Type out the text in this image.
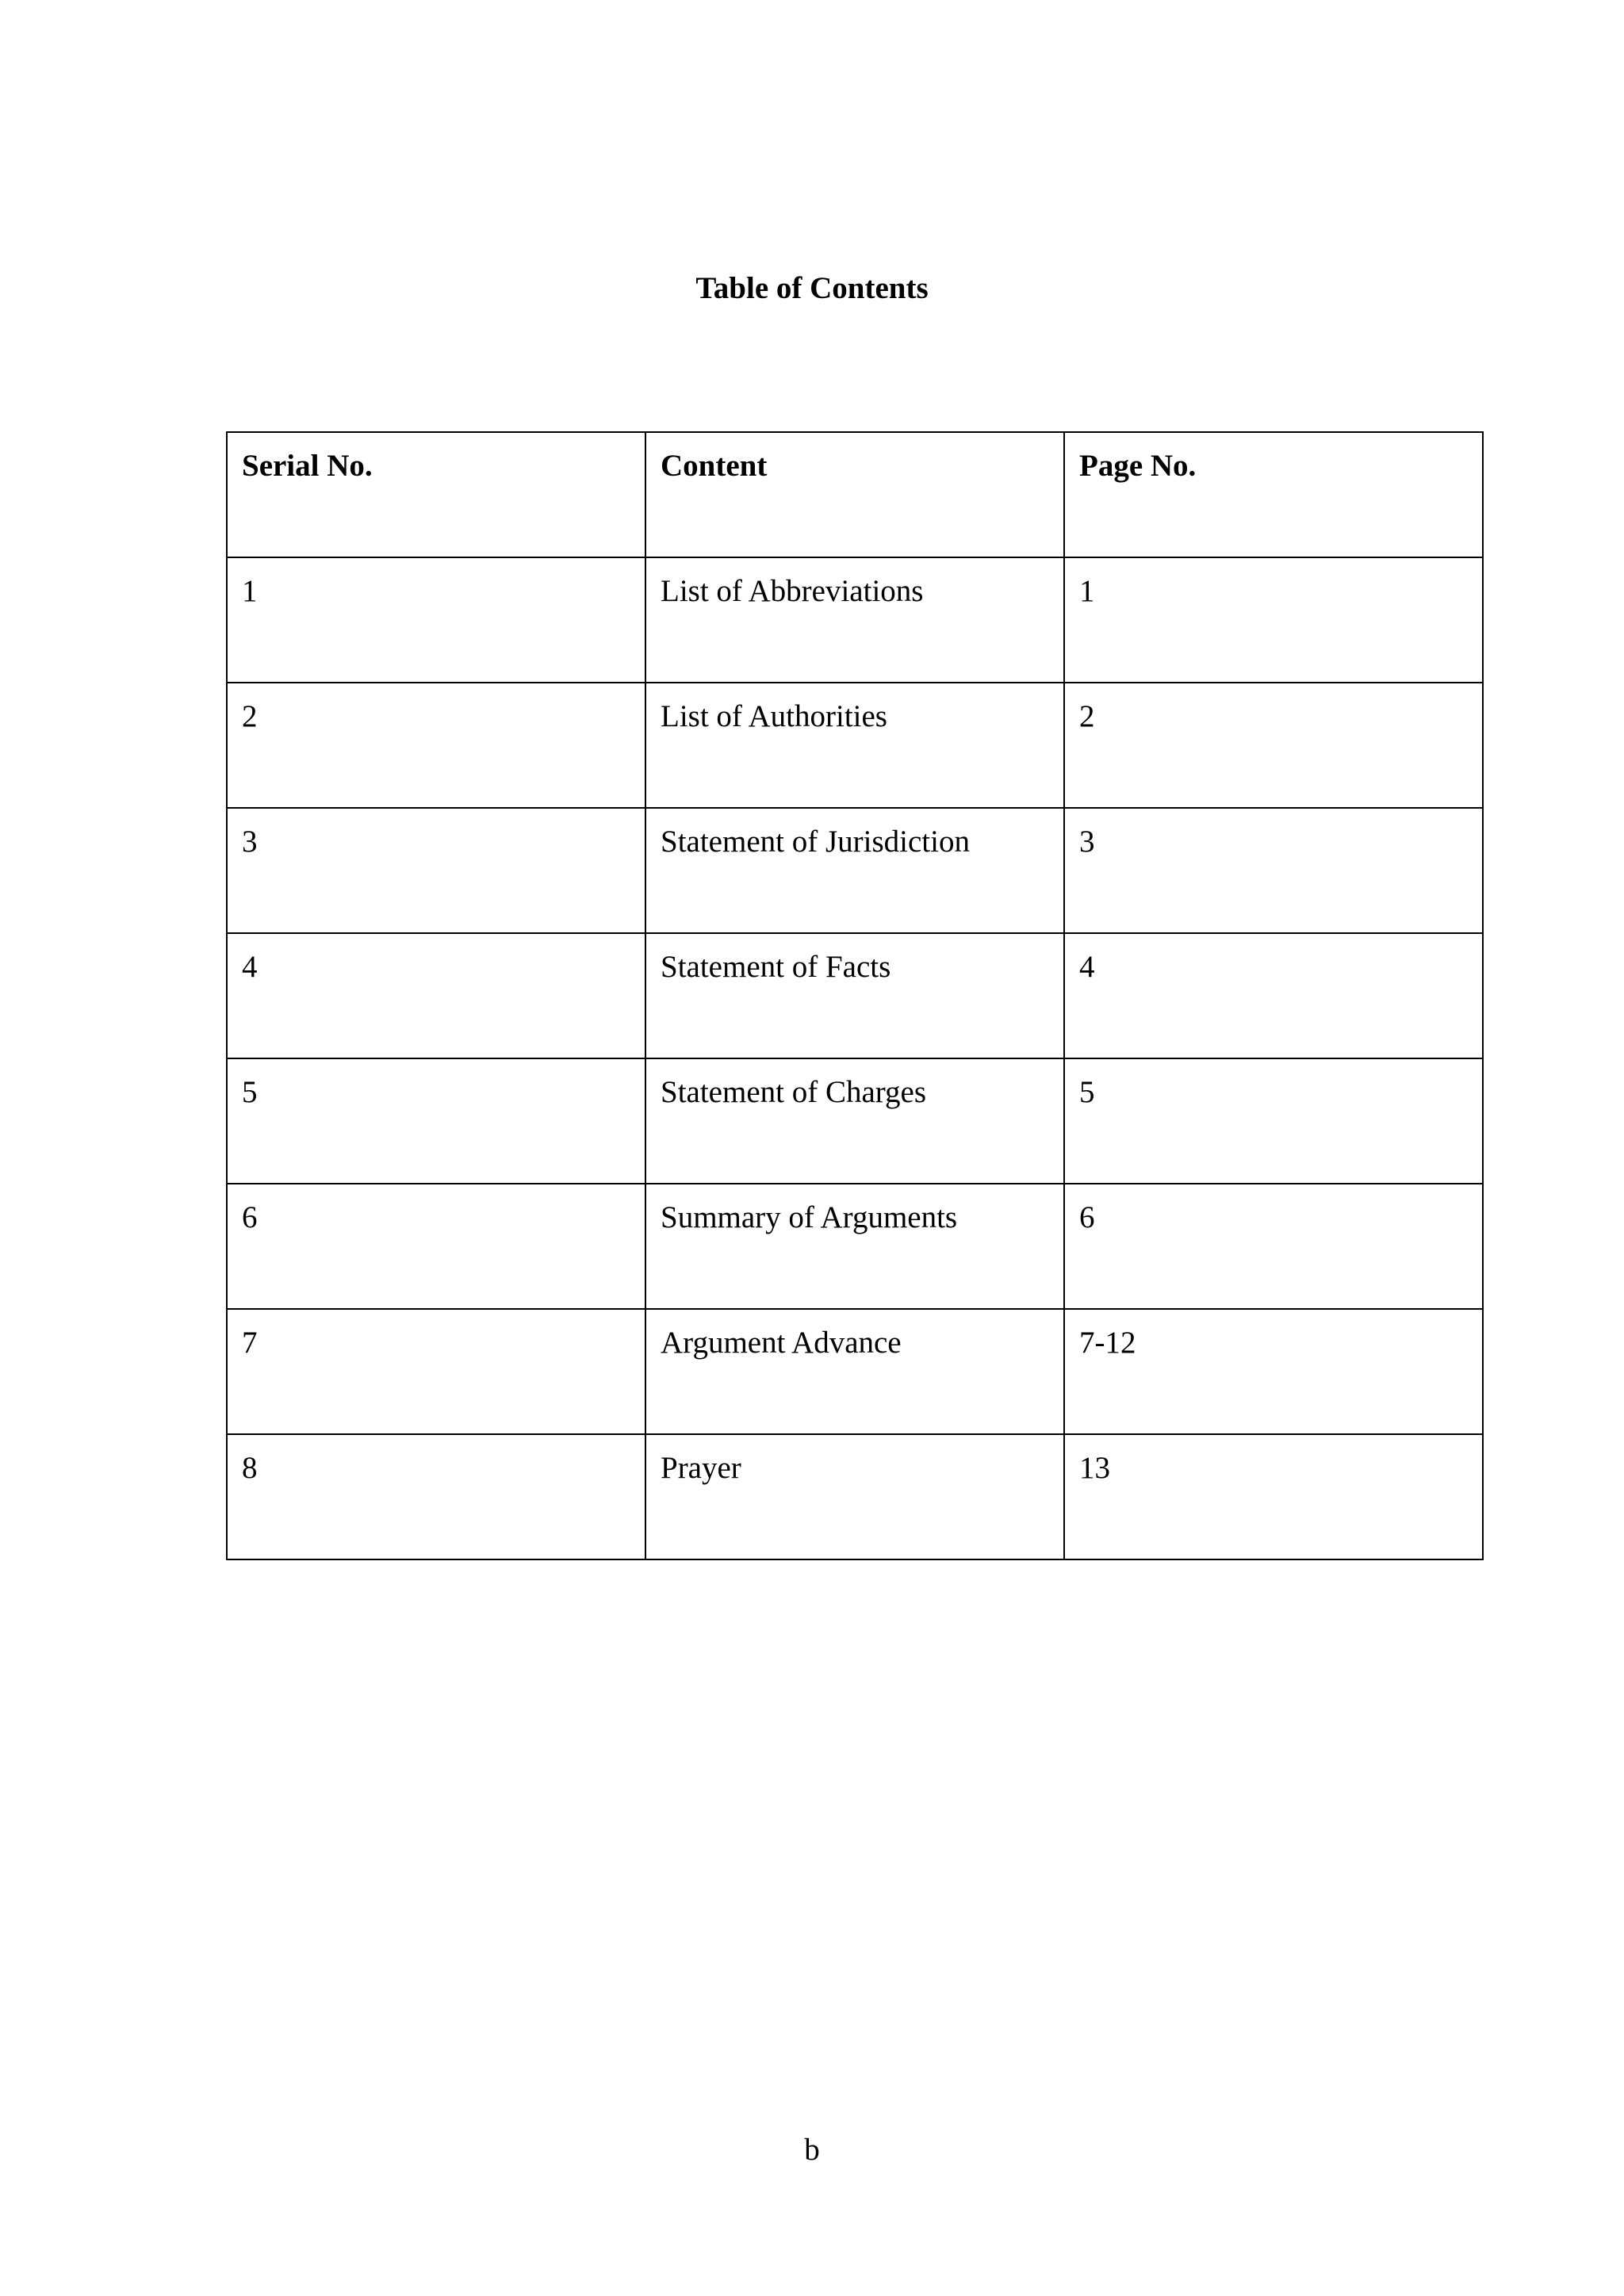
Table of Contents
Serial No.	Content	Page No.
1	List of Abbreviations	1
2	List of Authorities	2
3	Statement of Jurisdiction	3
4	Statement of Facts	4
5	Statement of Charges	5
6	Summary of Arguments	6
7	Argument Advance	7-12
8	Prayer	13
b
